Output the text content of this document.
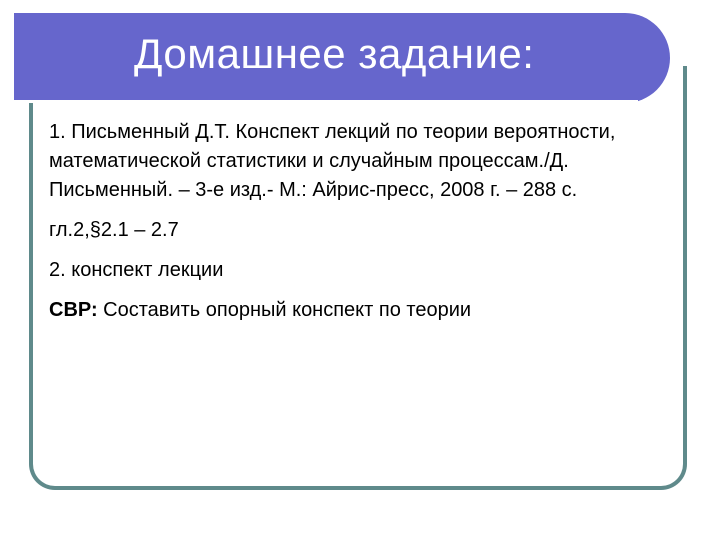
Домашнее задание:

1. Письменный Д.Т. Конспект лекций по теории вероятности, математической статистики и случайным процессам./Д. Письменный. – 3-е изд.- М.: Айрис-пресс, 2008 г. – 288 с.

гл.2,§2.1 – 2.7

2. конспект лекции

СВР: Составить опорный конспект по теории
